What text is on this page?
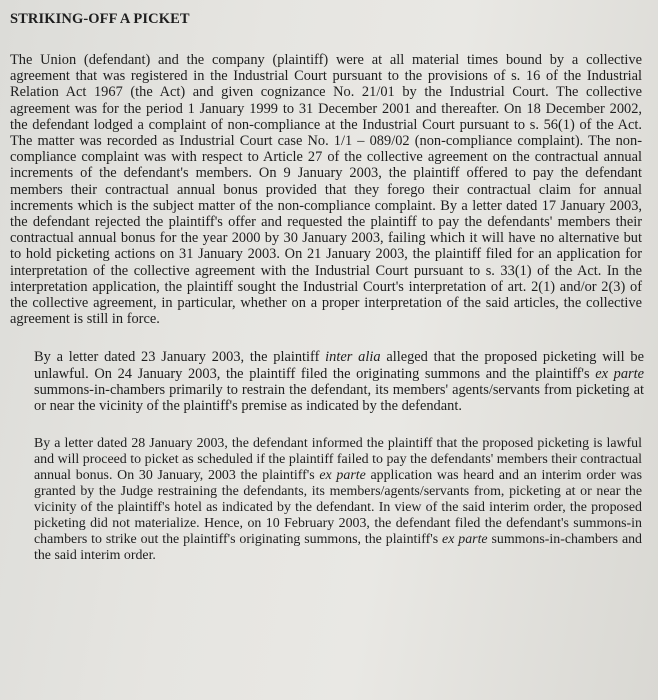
STRIKING-OFF A PICKET

The Union (defendant) and the company (plaintiff) were at all material times bound by a collective agreement that was registered in the Industrial Court pursuant to the provisions of s. 16 of the Industrial Relation Act 1967 (the Act) and given cognizance No. 21/01 by the Industrial Court. The collective agreement was for the period 1 January 1999 to 31 December 2001 and thereafter. On 18 December 2002, the defendant lodged a complaint of non-compliance at the Industrial Court pursuant to s. 56(1) of the Act. The matter was recorded as Industrial Court case No. 1/1 – 089/02 (non-compliance complaint). The non-compliance complaint was with respect to Article 27 of the collective agreement on the contractual annual increments of the defendant's members. On 9 January 2003, the plaintiff offered to pay the defendant members their contractual annual bonus provided that they forego their contractual claim for annual increments which is the subject matter of the non-compliance complaint. By a letter dated 17 January 2003, the defendant rejected the plaintiff's offer and requested the plaintiff to pay the defendants' members their contractual annual bonus for the year 2000 by 30 January 2003, failing which it will have no alternative but to hold picketing actions on 31 January 2003. On 21 January 2003, the plaintiff filed for an application for interpretation of the collective agreement with the Industrial Court pursuant to s. 33(1) of the Act. In the interpretation application, the plaintiff sought the Industrial Court's interpretation of art. 2(1) and/or 2(3) of the collective agreement, in particular, whether on a proper interpretation of the said articles, the collective agreement is still in force.

By a letter dated 23 January 2003, the plaintiff inter alia alleged that the proposed picketing will be unlawful. On 24 January 2003, the plaintiff filed the originating summons and the plaintiff's ex parte summons-in-chambers primarily to restrain the defendant, its members' agents/servants from picketing at or near the vicinity of the plaintiff's premise as indicated by the defendant.

By a letter dated 28 January 2003, the defendant informed the plaintiff that the proposed picketing is lawful and will proceed to picket as scheduled if the plaintiff failed to pay the defendants' members their contractual annual bonus. On 30 January, 2003 the plaintiff's ex parte application was heard and an interim order was granted by the Judge restraining the defendants, its members/agents/servants from, picketing at or near the vicinity of the plaintiff's hotel as indicated by the defendant. In view of the said interim order, the proposed picketing did not materialize. Hence, on 10 February 2003, the defendant filed the defendant's summons-in chambers to strike out the plaintiff's originating summons, the plaintiff's ex parte summons-in-chambers and the said interim order.
